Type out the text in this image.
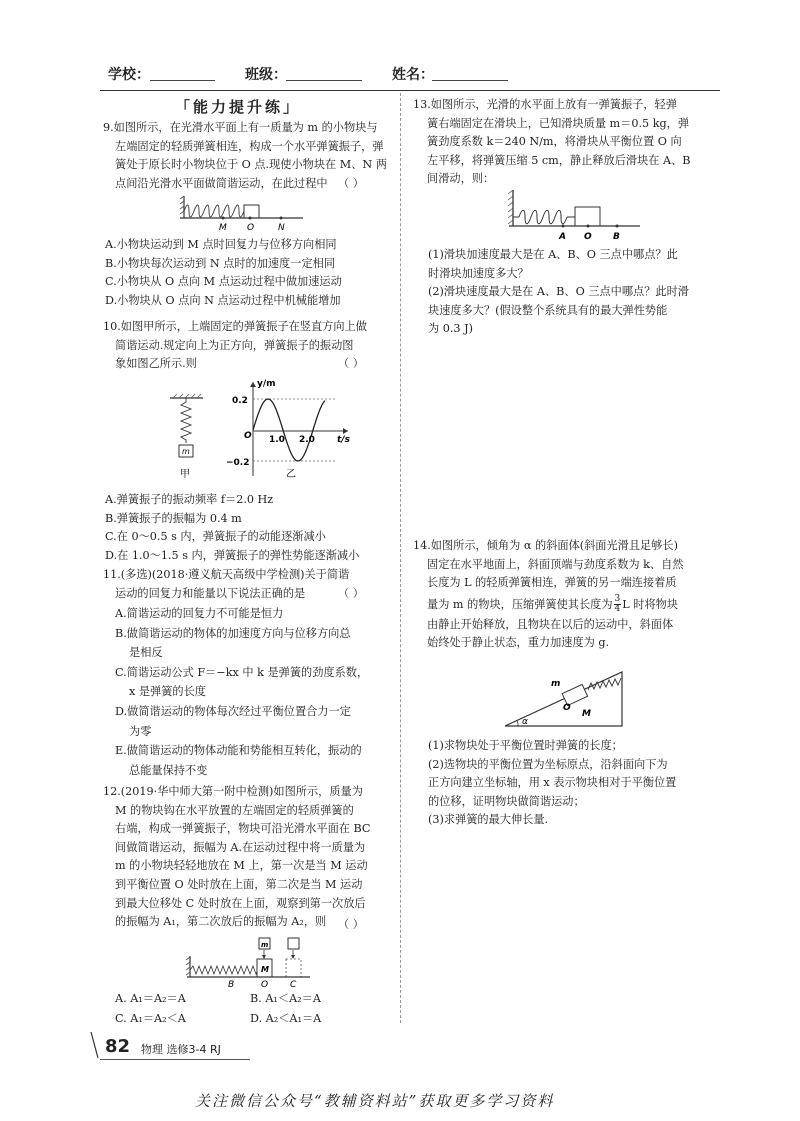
学校：	班级：	姓名：
「能力提升练」
9.如图所示，在光滑水平面上有一质量为 m 的小物块与
左端固定的轻质弹簧相连，构成一个水平弹簧振子，弹
簧处于原长时小物块位于 O 点.现使小物块在 M、N 两
点间沿光滑水平面做简谐运动，在此过程中 （ ）
M O	N
A.小物块运动到 M 点时回复力与位移方向相同
B.小物块每次运动到 N 点时的加速度一定相同
C.小物块从 O 点向 M 点运动过程中做加速运动
D.小物块从 O 点向 N 点运动过程中机械能增加
10.如图甲所示，上端固定的弹簧振子在竖直方向上做
简谐运动.规定向上为正方向，弹簧振子的振动图
象如图乙所示.则	（ ）
m
甲
y/m
t/s
O
0.2
−0.2
1.0 2.0
乙
A.弹簧振子的振动频率 f＝2.0 Hz
B.弹簧振子的振幅为 0.4 m
C.在 0～0.5 s 内，弹簧振子的动能逐渐减小
D.在 1.0～1.5 s 内，弹簧振子的弹性势能逐渐减小
11.(多选)(2018·遵义航天高级中学检测)关于简谐
运动的回复力和能量以下说法正确的是	（ ）
A.简谐运动的回复力不可能是恒力
B.做简谐运动的物体的加速度方向与位移方向总
是相反
C.简谐运动公式 F＝−kx 中 k 是弹簧的劲度系数，
x 是弹簧的长度
D.做简谐运动的物体每次经过平衡位置合力一定
为零
E.做简谐运动的物体动能和势能相互转化，振动的
总能量保持不变
12.(2019·华中师大第一附中检测)如图所示，质量为
M 的物块钩在水平放置的左端固定的轻质弹簧的
右端，构成一弹簧振子，物块可沿光滑水平面在 BC
间做简谐运动，振幅为 A.在运动过程中将一质量为
m 的小物块轻轻地放在 M 上，第一次是当 M 运动
到平衡位置 O 处时放在上面，第二次是当 M 运动
到最大位移处 C 处时放在上面，观察到第一次放后
的振幅为 A₁，第二次放后的振幅为 A₂，则	（ ）
M
m
B	O C
A. A₁＝A₂＝A	B. A₁＜A₂＝A
C. A₁＝A₂＜A	D. A₂＜A₁＝A
13.如图所示，光滑的水平面上放有一弹簧振子，轻弹
簧右端固定在滑块上，已知滑块质量 m＝0.5 kg，弹
簧劲度系数 k＝240 N/m，将滑块从平衡位置 O 向
左平移，将弹簧压缩 5 cm，静止释放后滑块在 A、B
间滑动，则：
A O B
(1)滑块加速度最大是在 A、B、O 三点中哪点？此
时滑块加速度多大？
(2)滑块速度最大是在 A、B、O 三点中哪点？此时滑
块速度多大？(假设整个系统具有的最大弹性势能
为 0.3 J)
14.如图所示，倾角为 α 的斜面体(斜面光滑且足够长)
固定在水平地面上，斜面顶端与劲度系数为 k、自然
长度为 L 的轻质弹簧相连，弹簧的另一端连接着质
量为 m 的物块，压缩弹簧使其长度为 $\frac{3}{4}$ L 时将物块
由静止开始释放，且物块在以后的运动中，斜面体
始终处于静止状态，重力加速度为 g.
α
m
O
M
(1)求物块处于平衡位置时弹簧的长度；
(2)选物块的平衡位置为坐标原点，沿斜面向下为
正方向建立坐标轴，用 x 表示物块相对于平衡位置
的位移，证明物块做简谐运动；
(3)求弹簧的最大伸长量.
82 物理 选修3-4 RJ
关注微信公众号“教辅资料站”获取更多学习资料
